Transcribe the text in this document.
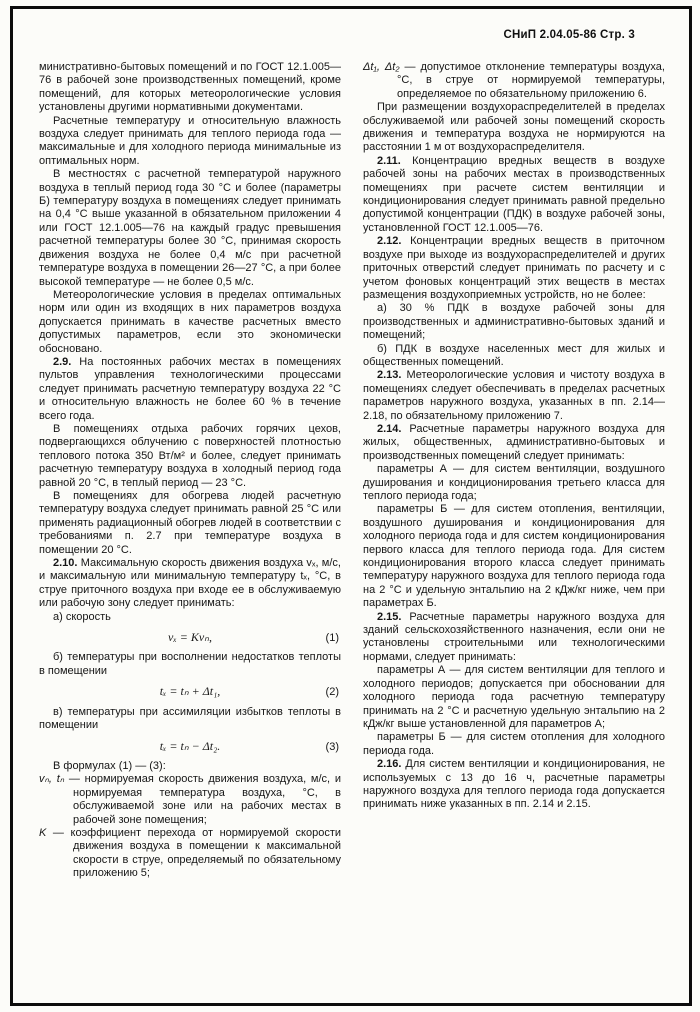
СНиП 2.04.05-86 Стр. 3

министративно-бытовых помещений и по ГОСТ 12.1.005—76 в рабочей зоне производственных помещений, кроме помещений, для которых метеорологические условия установлены другими нормативными документами.

Расчетные температуру и относительную влажность воздуха следует принимать для теплого периода года — максимальные и для холодного периода минимальные из оптимальных норм.

В местностях с расчетной температурой наружного воздуха в теплый период года 30 °С и более (параметры Б) температуру воздуха в помещениях следует принимать на 0,4 °С выше указанной в обязательном приложении 4 или ГОСТ 12.1.005—76 на каждый градус превышения расчетной температуры более 30 °С, принимая скорость движения воздуха не более 0,4 м/с при расчетной температуре воздуха в помещении 26—27 °С, а при более высокой температуре — не более 0,5 м/с.

Метеорологические условия в пределах оптимальных норм или один из входящих в них параметров воздуха допускается принимать в качестве расчетных вместо допустимых параметров, если это экономически обосновано.

2.9. На постоянных рабочих местах в помещениях пультов управления технологическими процессами следует принимать расчетную температуру воздуха 22 °С и относительную влажность не более 60 % в течение всего года.

В помещениях отдыха рабочих горячих цехов, подвергающихся облучению с поверхностей плотностью теплового потока 350 Вт/м² и более, следует принимать расчетную температуру воздуха в холодный период года равной 20 °С, в теплый период — 23 °С.

В помещениях для обогрева людей расчетную температуру воздуха следует принимать равной 25 °С или применять радиационный обогрев людей в соответствии с требованиями п. 2.7 при температуре воздуха в помещении 20 °С.

2.10. Максимальную скорость движения воздуха vₓ, м/с, и максимальную или минимальную температуру tₓ, °С, в струе приточного воздуха при входе ее в обслуживаемую или рабочую зону следует принимать:

а) скорость

vₓ = Kvₙ,	(1)

б) температуры при восполнении недостатков теплоты в помещении

tₓ = tₙ + Δt₁,	(2)

в) температуры при ассимиляции избытков теплоты в помещении

tₓ = tₙ − Δt₂.	(3)

В формулах (1) — (3):

vₙ, tₙ — нормируемая скорость движения воздуха, м/с, и нормируемая температура воздуха, °С, в обслуживаемой зоне или на рабочих местах в рабочей зоне помещения;

K — коэффициент перехода от нормируемой скорости движения воздуха в помещении к максимальной скорости в струе, определяемый по обязательному приложению 5;

Δt₁, Δt₂ — допустимое отклонение температуры воздуха, °С, в струе от нормируемой температуры, определяемое по обязательному приложению 6.

При размещении воздухораспределителей в пределах обслуживаемой или рабочей зоны помещений скорость движения и температура воздуха не нормируются на расстоянии 1 м от воздухораспределителя.

2.11. Концентрацию вредных веществ в воздухе рабочей зоны на рабочих местах в производственных помещениях при расчете систем вентиляции и кондиционирования следует принимать равной предельно допустимой концентрации (ПДК) в воздухе рабочей зоны, установленной ГОСТ 12.1.005—76.

2.12. Концентрации вредных веществ в приточном воздухе при выходе из воздухораспределителей и других приточных отверстий следует принимать по расчету и с учетом фоновых концентраций этих веществ в местах размещения воздухоприемных устройств, но не более:

а) 30 % ПДК в воздухе рабочей зоны для производственных и административно-бытовых зданий и помещений;

б) ПДК в воздухе населенных мест для жилых и общественных помещений.

2.13. Метеорологические условия и чистоту воздуха в помещениях следует обеспечивать в пределах расчетных параметров наружного воздуха, указанных в пп. 2.14—2.18, по обязательному приложению 7.

2.14. Расчетные параметры наружного воздуха для жилых, общественных, административно-бытовых и производственных помещений следует принимать:

параметры А — для систем вентиляции, воздушного душирования и кондиционирования третьего класса для теплого периода года;

параметры Б — для систем отопления, вентиляции, воздушного душирования и кондиционирования для холодного периода года и для систем кондиционирования первого класса для теплого периода года. Для систем кондиционирования второго класса следует принимать температуру наружного воздуха для теплого периода года на 2 °С и удельную энтальпию на 2 кДж/кг ниже, чем при параметрах Б.

2.15. Расчетные параметры наружного воздуха для зданий сельскохозяйственного назначения, если они не установлены строительными или технологическими нормами, следует принимать:

параметры А — для систем вентиляции для теплого и холодного периодов; допускается при обосновании для холодного периода года расчетную температуру принимать на 2 °С и расчетную удельную энтальпию на 2 кДж/кг выше установленной для параметров А;

параметры Б — для систем отопления для холодного периода года.

2.16. Для систем вентиляции и кондиционирования, не используемых с 13 до 16 ч, расчетные параметры наружного воздуха для теплого периода года допускается принимать ниже указанных в пп. 2.14 и 2.15.
